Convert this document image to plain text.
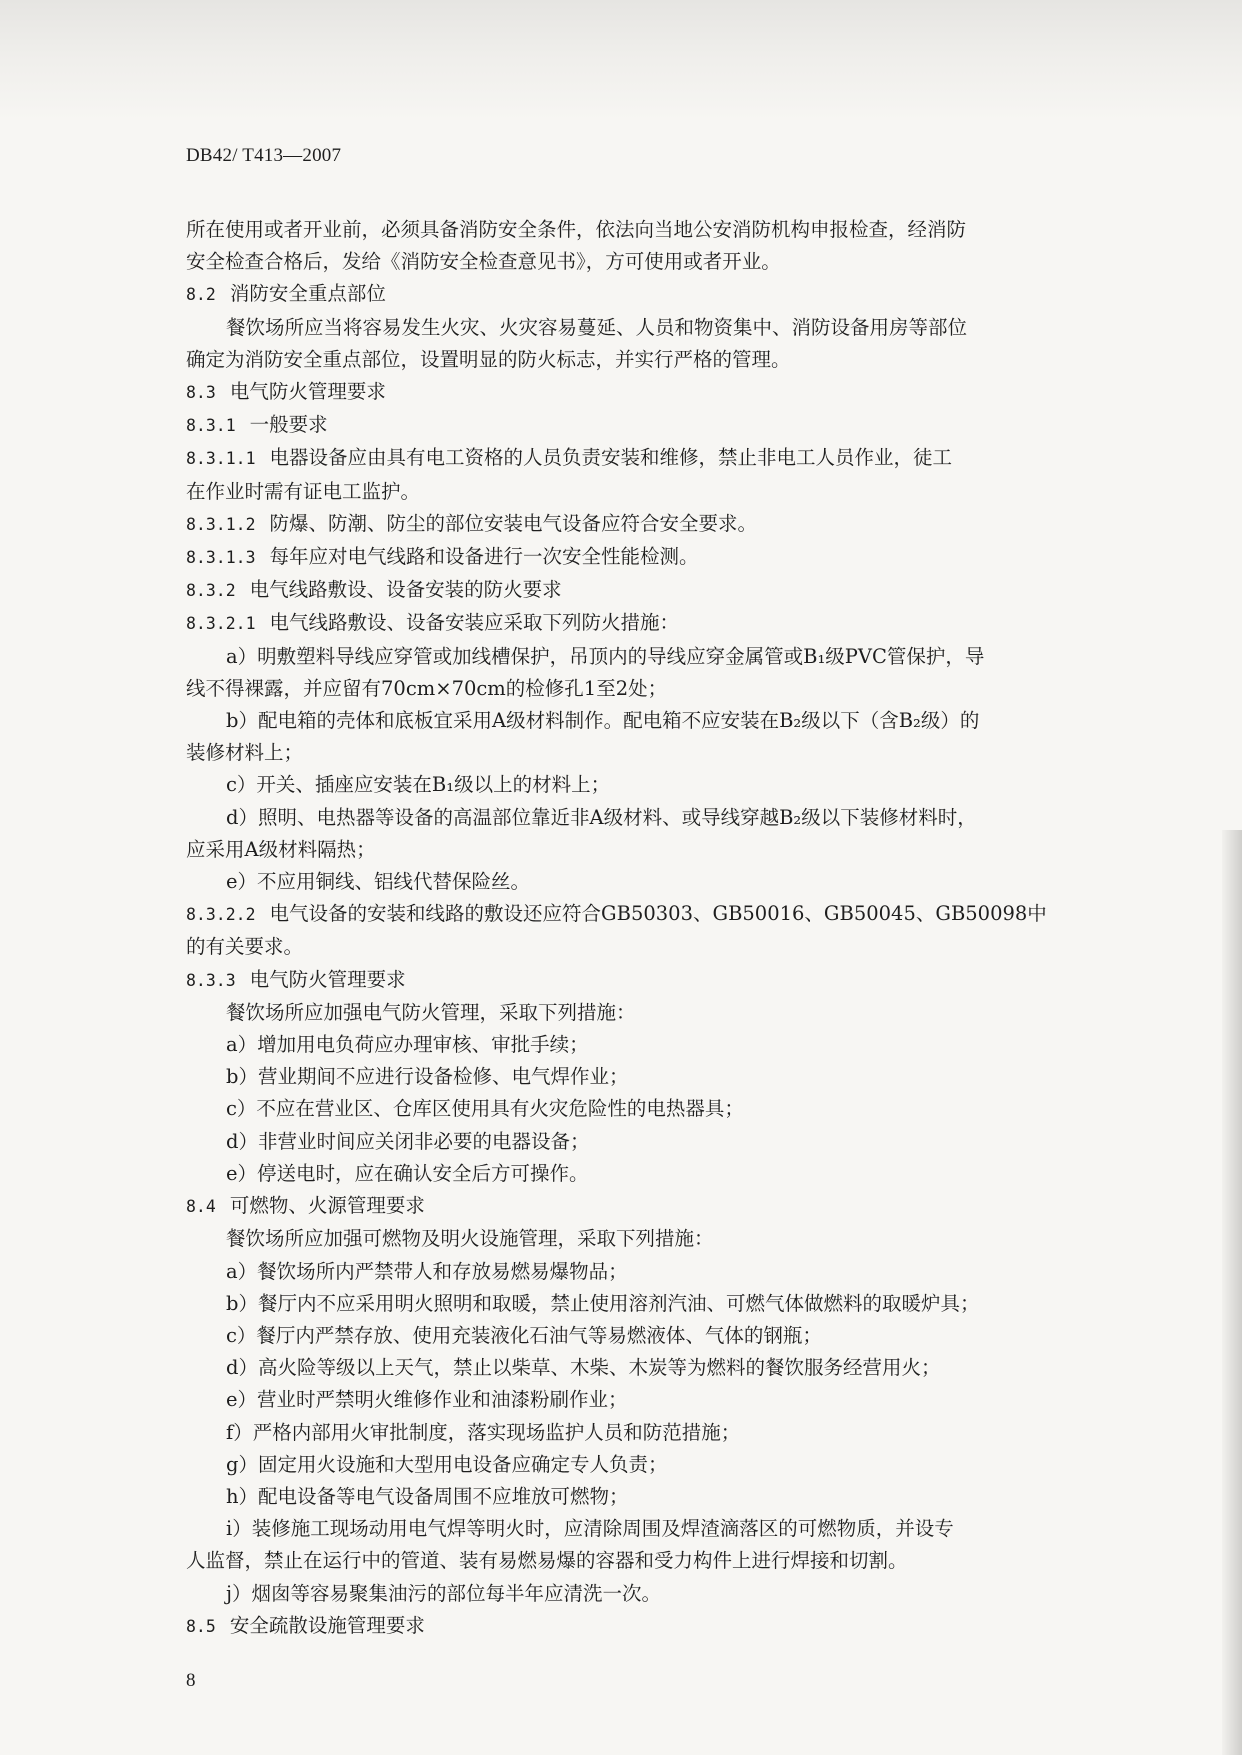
DB42/ T413—2007
所在使用或者开业前，必须具备消防安全条件，依法向当地公安消防机构申报检查，经消防
安全检查合格后，发给《消防安全检查意见书》，方可使用或者开业。
8.2 消防安全重点部位
餐饮场所应当将容易发生火灾、火灾容易蔓延、人员和物资集中、消防设备用房等部位
确定为消防安全重点部位，设置明显的防火标志，并实行严格的管理。
8.3 电气防火管理要求
8.3.1 一般要求
8.3.1.1 电器设备应由具有电工资格的人员负责安装和维修，禁止非电工人员作业，徒工
在作业时需有证电工监护。
8.3.1.2 防爆、防潮、防尘的部位安装电气设备应符合安全要求。
8.3.1.3 每年应对电气线路和设备进行一次安全性能检测。
8.3.2 电气线路敷设、设备安装的防火要求
8.3.2.1 电气线路敷设、设备安装应采取下列防火措施：
a）明敷塑料导线应穿管或加线槽保护，吊顶内的导线应穿金属管或B₁级PVC管保护，导
线不得裸露，并应留有70cm×70cm的检修孔1至2处；
b）配电箱的壳体和底板宜采用A级材料制作。配电箱不应安装在B₂级以下（含B₂级）的
装修材料上；
c）开关、插座应安装在B₁级以上的材料上；
d）照明、电热器等设备的高温部位靠近非A级材料、或导线穿越B₂级以下装修材料时，
应采用A级材料隔热；
e）不应用铜线、铝线代替保险丝。
8.3.2.2 电气设备的安装和线路的敷设还应符合GB50303、GB50016、GB50045、GB50098中
的有关要求。
8.3.3 电气防火管理要求
餐饮场所应加强电气防火管理，采取下列措施：
a）增加用电负荷应办理审核、审批手续；
b）营业期间不应进行设备检修、电气焊作业；
c）不应在营业区、仓库区使用具有火灾危险性的电热器具；
d）非营业时间应关闭非必要的电器设备；
e）停送电时，应在确认安全后方可操作。
8.4 可燃物、火源管理要求
餐饮场所应加强可燃物及明火设施管理，采取下列措施：
a）餐饮场所内严禁带人和存放易燃易爆物品；
b）餐厅内不应采用明火照明和取暖，禁止使用溶剂汽油、可燃气体做燃料的取暖炉具；
c）餐厅内严禁存放、使用充装液化石油气等易燃液体、气体的钢瓶；
d）高火险等级以上天气，禁止以柴草、木柴、木炭等为燃料的餐饮服务经营用火；
e）营业时严禁明火维修作业和油漆粉刷作业；
f）严格内部用火审批制度，落实现场监护人员和防范措施；
g）固定用火设施和大型用电设备应确定专人负责；
h）配电设备等电气设备周围不应堆放可燃物；
i）装修施工现场动用电气焊等明火时，应清除周围及焊渣滴落区的可燃物质，并设专
人监督，禁止在运行中的管道、装有易燃易爆的容器和受力构件上进行焊接和切割。
j）烟囱等容易聚集油污的部位每半年应清洗一次。
8.5 安全疏散设施管理要求
8
